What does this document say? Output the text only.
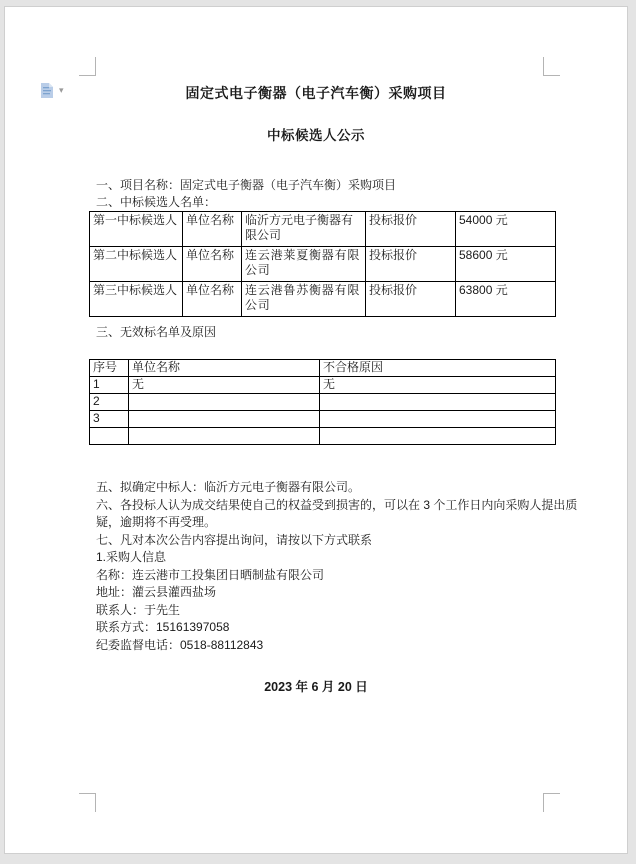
▾	固定式电子衡器（电子汽车衡）采购项目
中标候选人公示
一、项目名称：固定式电子衡器（电子汽车衡）采购项目
二、中标候选人名单：
第一中标候选人	单位名称	临沂方元电子衡器有限公司	投标报价	54000 元
第二中标候选人	单位名称	连云港莱夏衡器有限公司	投标报价	58600 元
第三中标候选人	单位名称	连云港鲁苏衡器有限公司	投标报价	63800 元
三、无效标名单及原因
序号	单位名称	不合格原因
1	无	无
2		
3		

五、拟确定中标人：临沂方元电子衡器有限公司。
六、各投标人认为成交结果使自己的权益受到损害的，可以在 3 个工作日内向采购人提出质
疑，逾期将不再受理。
七、凡对本次公告内容提出询问，请按以下方式联系
1.采购人信息
名称：连云港市工投集团日晒制盐有限公司
地址：灌云县灌西盐场
联系人：于先生
联系方式：15161397058
纪委监督电话：0518-88112843
2023 年 6 月 20 日
